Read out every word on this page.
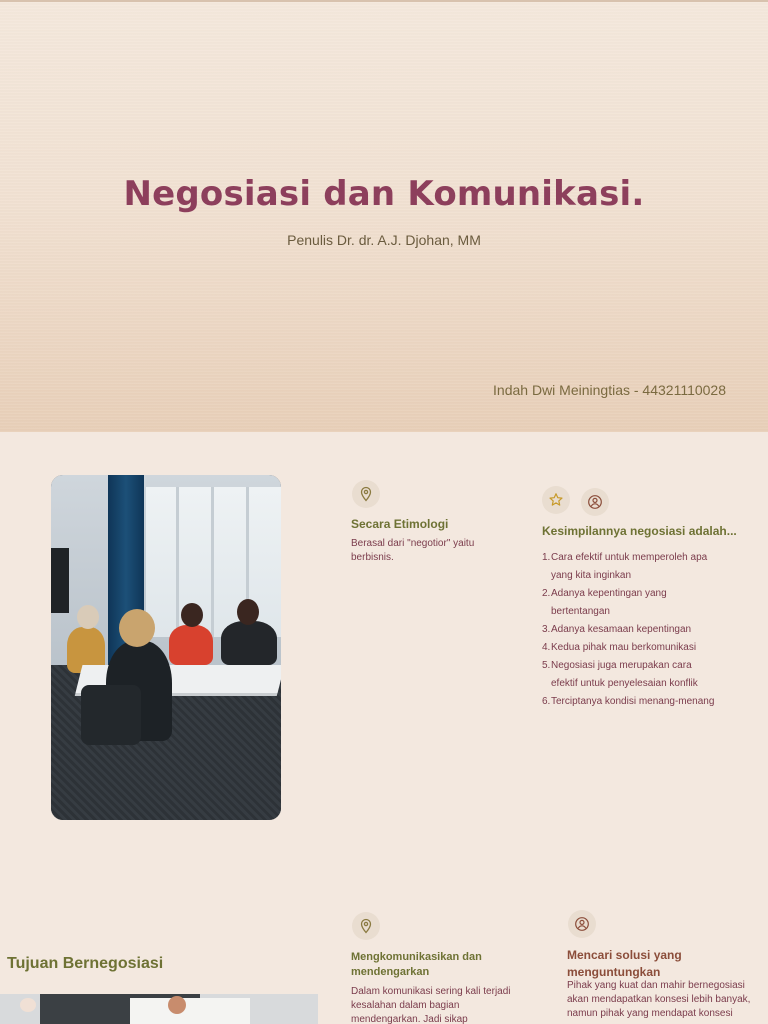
Negosiasi dan Komunikasi.
Penulis Dr. dr. A.J. Djohan, MM
Indah Dwi Meiningtias - 44321110028
Secara Etimologi
Berasal dari "negotior" yaitu berbisnis.
Kesimpilannya negosiasi adalah...
1. Cara efektif untuk memperoleh apa yang kita inginkan
2. Adanya kepentingan yang bertentangan
3. Adanya kesamaan kepentingan
4. Kedua pihak mau berkomunikasi
5. Negosiasi juga merupakan cara efektif untuk penyelesaian konflik
6. Terciptanya kondisi menang-menang
Tujuan Bernegosiasi	Mengkomunikasikan dan mendengarkan
Dalam komunikasi sering kali terjadi kesalahan dalam bagian mendengarkan. Jadi sikap
Mencari solusi yang menguntungkan
Pihak yang kuat dan mahir bernegosiasi akan mendapatkan konsesi lebih banyak, namun pihak yang mendapat konsesi
